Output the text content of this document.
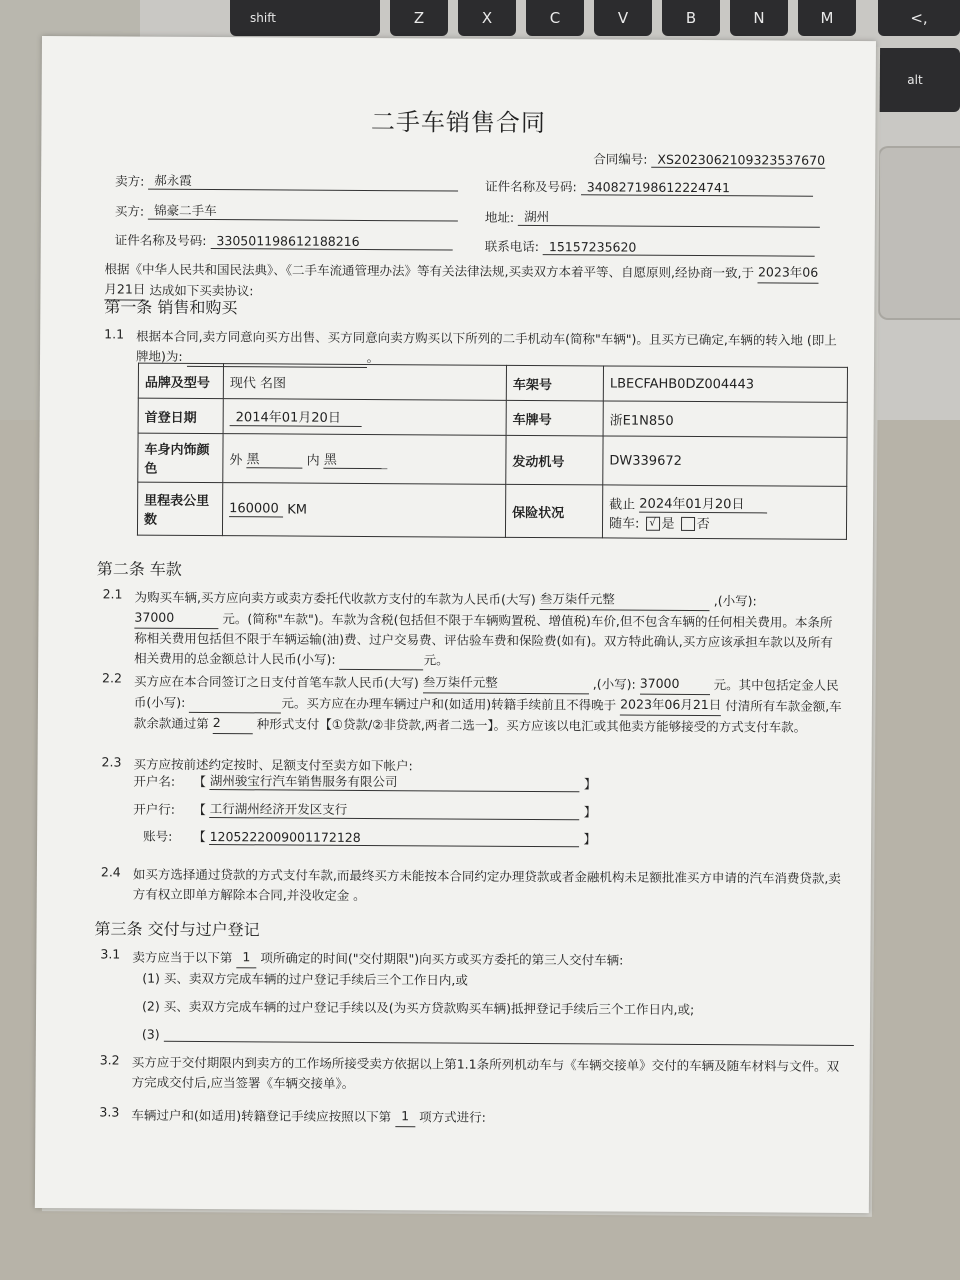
shift	Z	X	C	V	B	N	M	< ,
alt
二手车销售合同
合同编号: XS2023062109323537670
卖方: 郝永霞	证件名称及号码: 340827198612224741
买方: 锦豪二手车	地址: 湖州
证件名称及号码: 330501198612188216	联系电话: 15157235620
根据《中华人民共和国民法典》、《二手车流通管理办法》等有关法律法规,买卖双方本着平等、自愿原则,经协商一致,于 2023年06 月21日 达成如下买卖协议:
第一条 销售和购买
1.1 根据本合同,卖方同意向买方出售、买方同意向卖方购买以下所列的二手机动车(简称"车辆")。且买方已确定,车辆的转入地 (即上牌地)为:	。
品牌及型号	现代 名图	车架号	LBECFAHB0DZ004443
首登日期	2014年01月20日	车牌号	浙E1N850
车身内饰颜色	外 黑 内 黑	发动机号	DW339672
里程表公里数	160000 KM	保险状况	截止 2024年01月20日
随车: √ 是 否
第二条 车款
2.1 为购买车辆,买方应向卖方或卖方委托代收款方支付的车款为人民币(大写) 叁万柒仟元整	,(小写): 37000	元。(简称"车款")。车款为含税(包括但不限于车辆购置税、增值税)车价,但不包含车辆的任何相关费用。本条所称相关费用包括但不限于车辆运输(油)费、过户交易费、评估验车费和保险费(如有)。双方特此确认,买方应该承担车款以及所有相关费用的总金额总计人民币(小写):	元。
2.2 买方应在本合同签订之日支付首笔车款人民币(大写) 叁万柒仟元整	,(小写): 37000	元。其中包括定金人民币(小写):	元。买方应在办理车辆过户和(如适用)转籍手续前且不得晚于 2023年06月21日 付清所有车款金额,车款余款通过第 2	种形式支付【①贷款/②非贷款,两者二选一】。买方应该以电汇或其他卖方能够接受的方式支付车款。
2.3 买方应按前述约定按时、足额支付至卖方如下帐户:
开户名: 【 湖州骏宝行汽车销售服务有限公司	】
开户行: 【 工行湖州经济开发区支行	】
账号: 【 1205222009001172128	】
2.4 如买方选择通过贷款的方式支付车款,而最终买方未能按本合同约定办理贷款或者金融机构未足额批准买方申请的汽车消费贷款,卖方有权立即单方解除本合同,并没收定金 。
第三条 交付与过户登记
3.1 卖方应当于以下第 1 项所确定的时间("交付期限")向买方或买方委托的第三人交付车辆:
(1) 买、卖双方完成车辆的过户登记手续后三个工作日内,或
(2) 买、卖双方完成车辆的过户登记手续以及(为买方贷款购买车辆)抵押登记手续后三个工作日内,或;
(3)
3.2 买方应于交付期限内到卖方的工作场所接受卖方依据以上第1.1条所列机动车与《车辆交接单》交付的车辆及随车材料与文件。双方完成交付后,应当签署《车辆交接单》。
3.3 车辆过户和(如适用)转籍登记手续应按照以下第 1 项方式进行:
